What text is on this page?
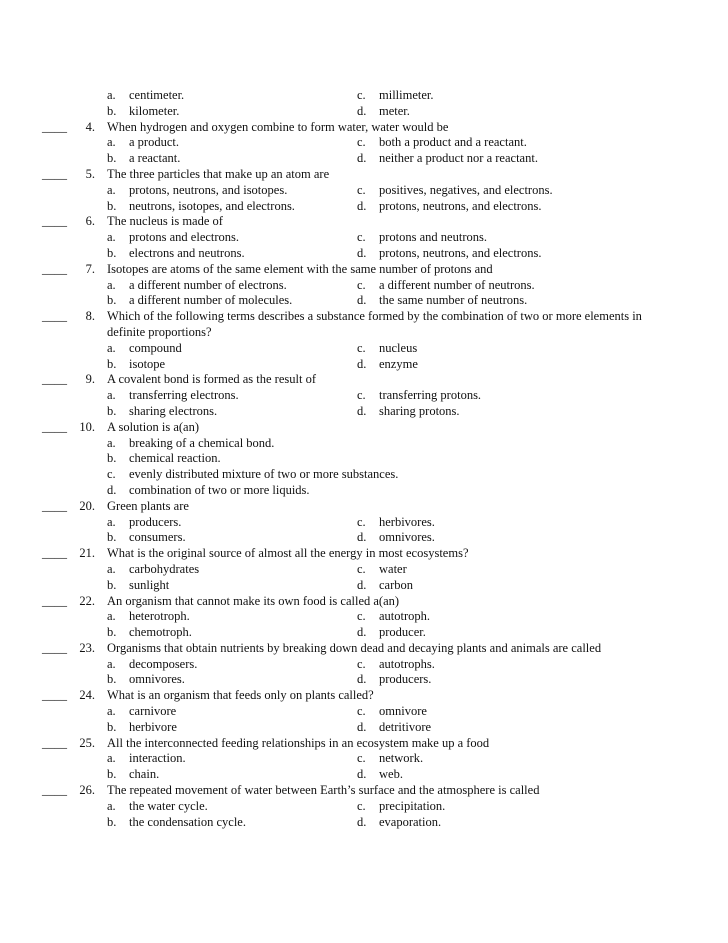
a. centimeter.	c. millimeter.
b. kilometer.	d. meter.
____	4. When hydrogen and oxygen combine to form water, water would be
a. a product.	c. both a product and a reactant.
b. a reactant.	d. neither a product nor a reactant.
____	5. The three particles that make up an atom are
a. protons, neutrons, and isotopes.	c. positives, negatives, and electrons.
b. neutrons, isotopes, and electrons.	d. protons, neutrons, and electrons.
____	6. The nucleus is made of
a. protons and electrons.	c. protons and neutrons.
b. electrons and neutrons.	d. protons, neutrons, and electrons.
____	7. Isotopes are atoms of the same element with the same number of protons and
a. a different number of electrons.	c. a different number of neutrons.
b. a different number of molecules.	d. the same number of neutrons.
____	8. Which of the following terms describes a substance formed by the combination of two or more elements in
definite proportions?
a. compound	c. nucleus
b. isotope	d. enzyme
____	9. A covalent bond is formed as the result of
a. transferring electrons.	c. transferring protons.
b. sharing electrons.	d. sharing protons.
____ 10. A solution is a(an)
a. breaking of a chemical bond.
b. chemical reaction.
c. evenly distributed mixture of two or more substances.
d. combination of two or more liquids.
____ 20. Green plants are
a. producers.	c. herbivores.
b. consumers.	d. omnivores.
____ 21. What is the original source of almost all the energy in most ecosystems?
a. carbohydrates	c. water
b. sunlight	d. carbon
____ 22. An organism that cannot make its own food is called a(an)
a. heterotroph.	c. autotroph.
b. chemotroph.	d. producer.
____ 23. Organisms that obtain nutrients by breaking down dead and decaying plants and animals are called
a. decomposers.	c. autotrophs.
b. omnivores.	d. producers.
____ 24. What is an organism that feeds only on plants called?
a. carnivore	c. omnivore
b. herbivore	d. detritivore
____ 25. All the interconnected feeding relationships in an ecosystem make up a food
a. interaction.	c. network.
b. chain.	d. web.
____ 26. The repeated movement of water between Earth’s surface and the atmosphere is called
a. the water cycle.	c. precipitation.
b. the condensation cycle.	d. evaporation.
